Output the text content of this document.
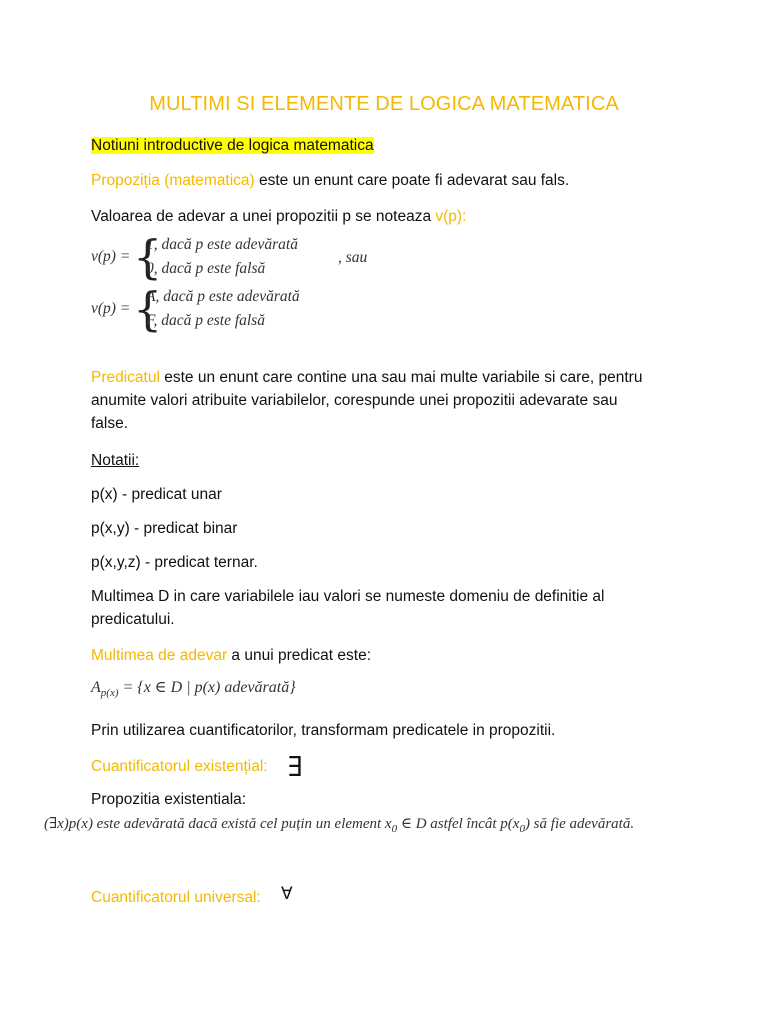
MULTIMI SI ELEMENTE DE LOGICA MATEMATICA
Notiuni introductive de logica matematica
Propoziția (matematica) este un enunt care poate fi adevarat sau fals.
Valoarea de adevar a unei propozitii p se noteaza v(p):
v(p) = {
1, dacă p este adevărată
0, dacă p este falsă
, sau
v(p) = {
A, dacă p este adevărată
F, dacă p este falsă
Predicatul este un enunt care contine una sau mai multe variabile si care, pentru
anumite valori atribuite variabilelor, corespunde unei propozitii adevarate sau
false.
Notatii:
p(x) - predicat unar
p(x,y) - predicat binar
p(x,y,z) - predicat ternar.
Multimea D in care variabilele iau valori se numeste domeniu de definitie al
predicatului.
Multimea de adevar a unui predicat este:
$A_{p(x)} = \{x$ ∈ D | p(x) adevărată}
Prin utilizarea cuantificatorilor, transformam predicatele in propozitii.
Cuantificatorul existențial: ∃
Propozitia existentiala:
(∃x)p(x) este adevărată dacă există cel puțin un element $x_0$ ∈ D astfel încât $p(x_0)$ să fie adevărată.
Cuantificatorul universal: ∀
